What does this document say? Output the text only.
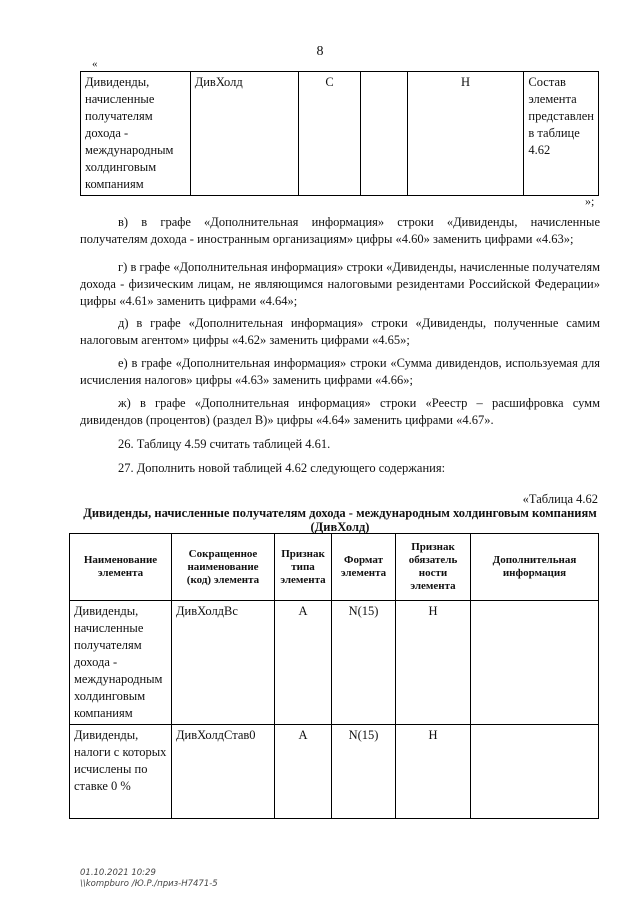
8
«
Дивиденды, начисленные получателям дохода - международным холдинговым компаниям	ДивХолд	С		Н	Состав элемента представлен в таблице 4.62
»;
в) в графе «Дополнительная информация» строки «Дивиденды, начисленные получателям дохода - иностранным организациям» цифры «4.60» заменить цифрами «4.63»;
г) в графе «Дополнительная информация» строки «Дивиденды, начисленные получателям дохода - физическим лицам, не являющимся налоговыми резидентами Российской Федерации» цифры «4.61» заменить цифрами «4.64»;
д) в графе «Дополнительная информация» строки «Дивиденды, полученные самим налоговым агентом» цифры «4.62» заменить цифрами «4.65»;
е) в графе «Дополнительная информация» строки «Сумма дивидендов, используемая для исчисления налогов» цифры «4.63» заменить цифрами «4.66»;
ж) в графе «Дополнительная информация» строки «Реестр – расшифровка сумм дивидендов (процентов) (раздел В)» цифры «4.64» заменить цифрами «4.67».
26. Таблицу 4.59 считать таблицей 4.61.
27. Дополнить новой таблицей 4.62 следующего содержания:
«Таблица 4.62
Дивиденды, начисленные получателям дохода - международным холдинговым компаниям (ДивХолд)
Наименование элемента	Сокращенное наименование (код) элемента	Признак типа элемента	Формат элемента	Признак обязатель ности элемента	Дополнительная информация
Дивиденды, начисленные получателям дохода - международным холдинговым компаниям	ДивХолдВс	А	N(15)	Н	
Дивиденды, налоги с которых исчислены по ставке 0 %	ДивХолдСтав0	А	N(15)	Н	
01.10.2021 10:29
\\kompburo /Ю.Р./приз-Н7471-5
